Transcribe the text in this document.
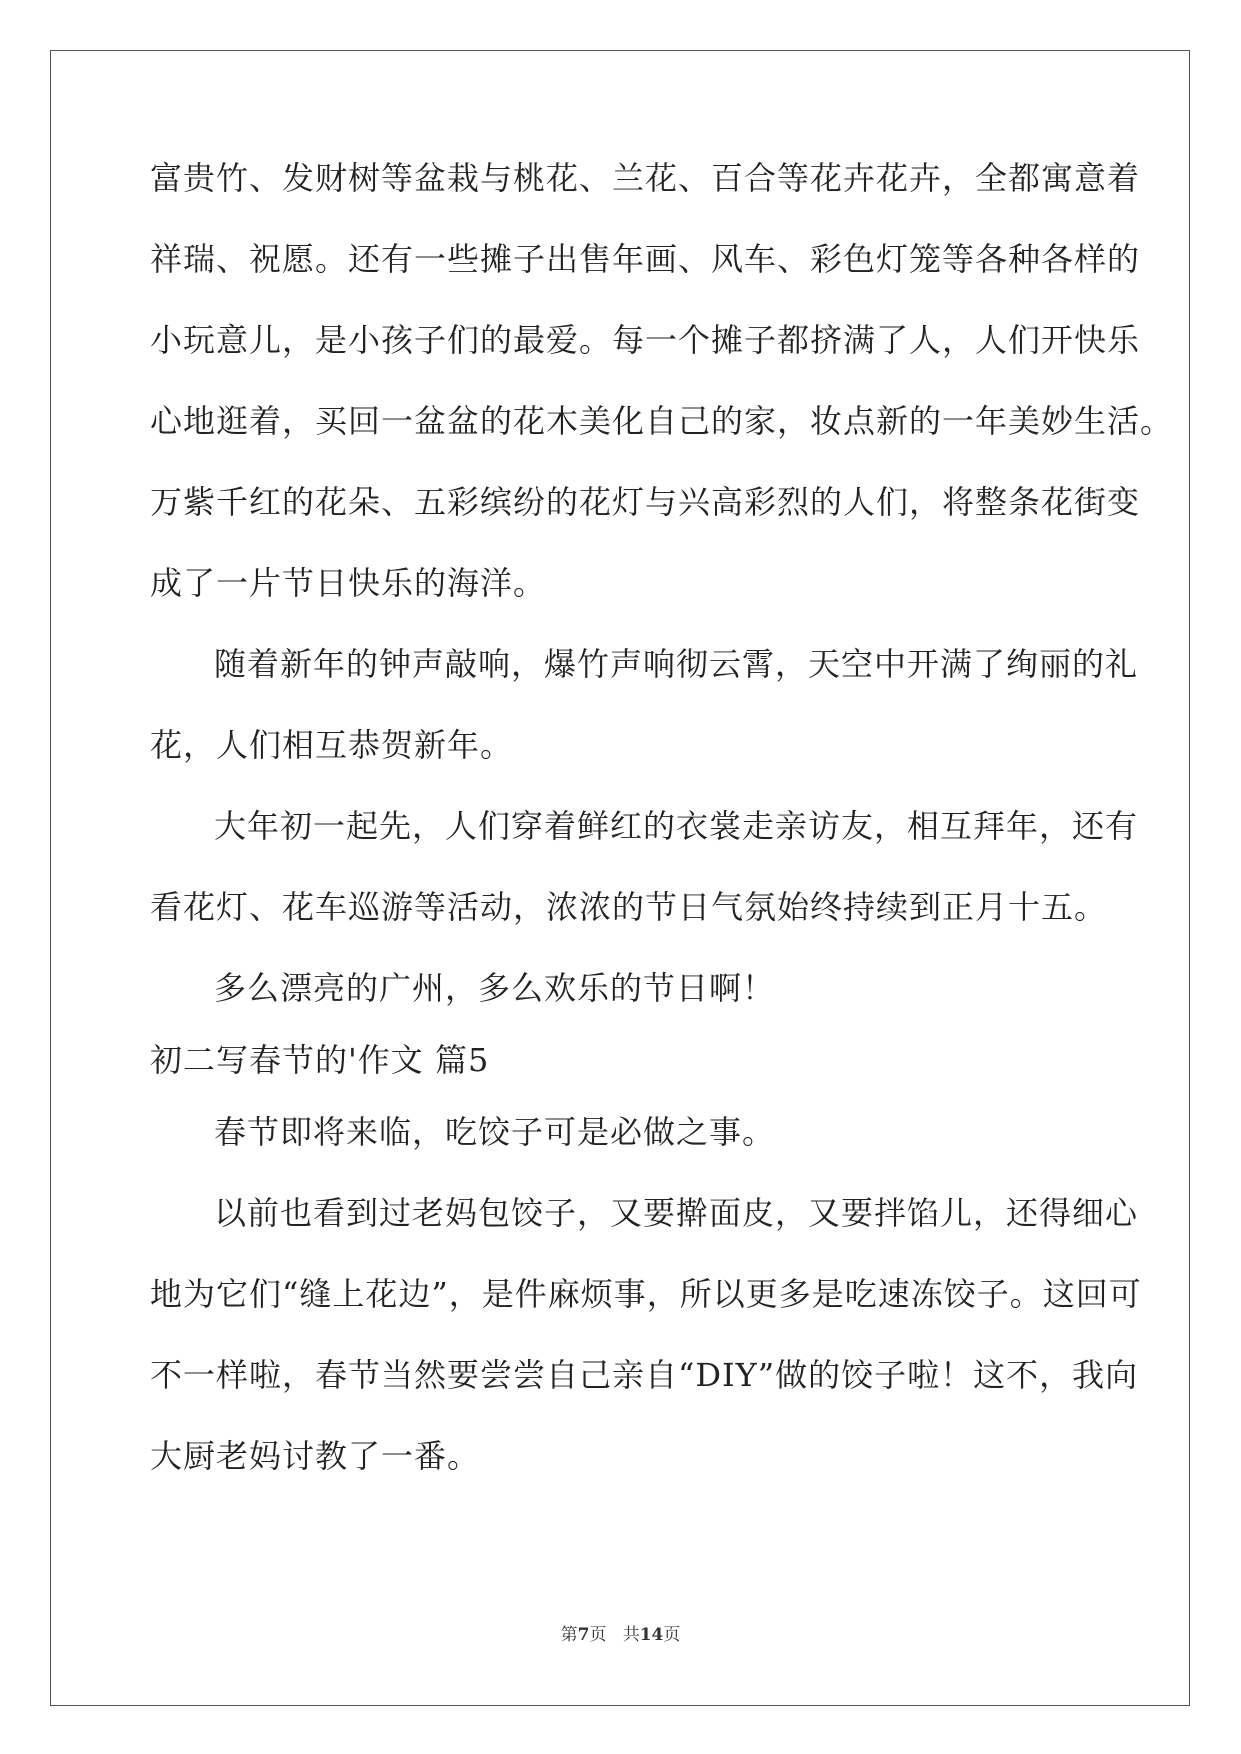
富贵竹、发财树等盆栽与桃花、兰花、百合等花卉花卉，全都寓意着
祥瑞、祝愿。还有一些摊子出售年画、风车、彩色灯笼等各种各样的
小玩意儿，是小孩子们的最爱。每一个摊子都挤满了人，人们开快乐
心地逛着，买回一盆盆的花木美化自己的家，妆点新的一年美妙生活。
万紫千红的花朵、五彩缤纷的花灯与兴高彩烈的人们，将整条花街变
成了一片节日快乐的海洋。
随着新年的钟声敲响，爆竹声响彻云霄，天空中开满了绚丽的礼
花，人们相互恭贺新年。
大年初一起先，人们穿着鲜红的衣裳走亲访友，相互拜年，还有
看花灯、花车巡游等活动，浓浓的节日气氛始终持续到正月十五。
多么漂亮的广州，多么欢乐的节日啊！
初二写春节的'作文 篇5
春节即将来临，吃饺子可是必做之事。
以前也看到过老妈包饺子，又要擀面皮，又要拌馅儿，还得细心
地为它们“缝上花边”，是件麻烦事，所以更多是吃速冻饺子。这回可
不一样啦，春节当然要尝尝自己亲自“DIY”做的饺子啦！这不，我向
大厨老妈讨教了一番。
第7页 共14页
